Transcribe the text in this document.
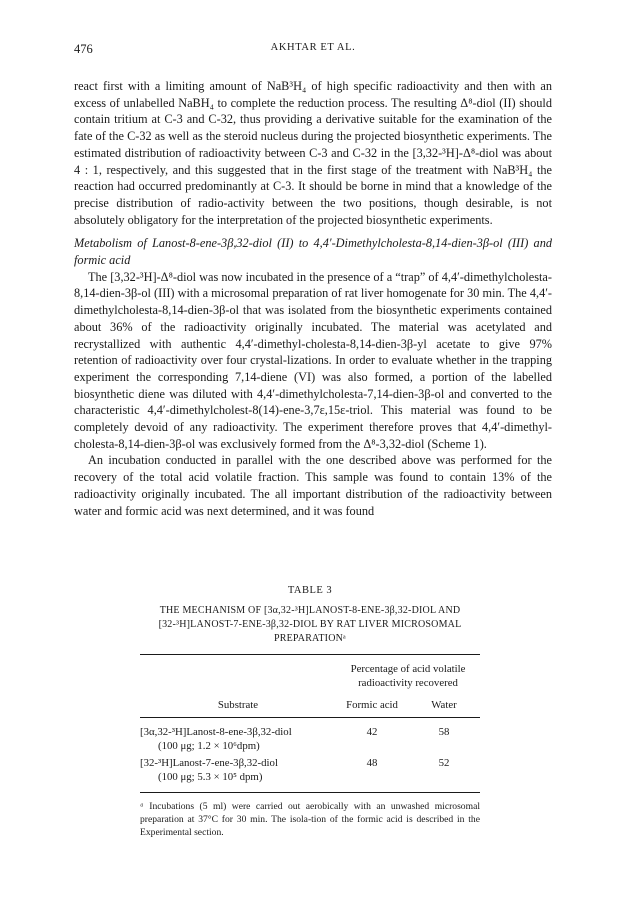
476	AKHTAR ET AL.

react first with a limiting amount of NaB³H₄ of high specific radioactivity and then with an excess of unlabelled NaBH₄ to complete the reduction process. The resulting Δ⁸-diol (II) should contain tritium at C-3 and C-32, thus providing a derivative suitable for the examination of the fate of the C-32 as well as the steroid nucleus during the projected biosynthetic experiments. The estimated distribution of radioactivity between C-3 and C-32 in the [3,32-³H]-Δ⁸-diol was about 4 : 1, respectively, and this suggested that in the first stage of the treatment with NaB³H₄ the reaction had occurred predominantly at C-3. It should be borne in mind that a knowledge of the precise distribution of radio-activity between the two positions, though desirable, is not absolutely obligatory for the interpretation of the projected biosynthetic experiments.

Metabolism of Lanost-8-ene-3β,32-diol (II) to 4,4′-Dimethylcholesta-8,14-dien-3β-ol (III) and formic acid

The [3,32-³H]-Δ⁸-diol was now incubated in the presence of a “trap” of 4,4′-dimethylcholesta-8,14-dien-3β-ol (III) with a microsomal preparation of rat liver homogenate for 30 min. The 4,4′-dimethylcholesta-8,14-dien-3β-ol that was isolated from the biosynthetic experiments contained about 36% of the radioactivity originally incubated. The material was acetylated and recrystallized with authentic 4,4′-dimethyl-cholesta-8,14-dien-3β-yl acetate to give 97% retention of radioactivity over four crystal-lizations. In order to evaluate whether in the trapping experiment the corresponding 7,14-diene (VI) was also formed, a portion of the labelled biosynthetic diene was diluted with 4,4′-dimethylcholesta-7,14-dien-3β-ol and converted to the characteristic 4,4′-dimethylcholest-8(14)-ene-3,7ε,15ε-triol. This material was found to be completely devoid of any radioactivity. The experiment therefore proves that 4,4′-dimethyl-cholesta-8,14-dien-3β-ol was exclusively formed from the Δ⁸-3,32-diol (Scheme 1).

An incubation conducted in parallel with the one described above was performed for the recovery of the total acid volatile fraction. This sample was found to contain 13% of the radioactivity originally incubated. The all important distribution of the radioactivity between water and formic acid was next determined, and it was found

TABLE 3
THE MECHANISM OF [3α,32-³H]LANOST-8-ENE-3β,32-DIOL AND
[32-³H]LANOST-7-ENE-3β,32-DIOL BY RAT LIVER MICROSOMAL
PREPARATIONᵃ
Percentage of acid volatile radioactivity recovered
Substrate	Formic acid	Water
[3α,32-³H]Lanost-8-ene-3β,32-diol
(100 μg; 1.2 × 10⁶dpm)
42	58
[32-³H]Lanost-7-ene-3β,32-diol
(100 μg; 5.3 × 10⁵ dpm)
48	52
ᵃ Incubations (5 ml) were carried out aerobically with an unwashed microsomal preparation at 37°C for 30 min. The isola-tion of the formic acid is described in the Experimental section.
